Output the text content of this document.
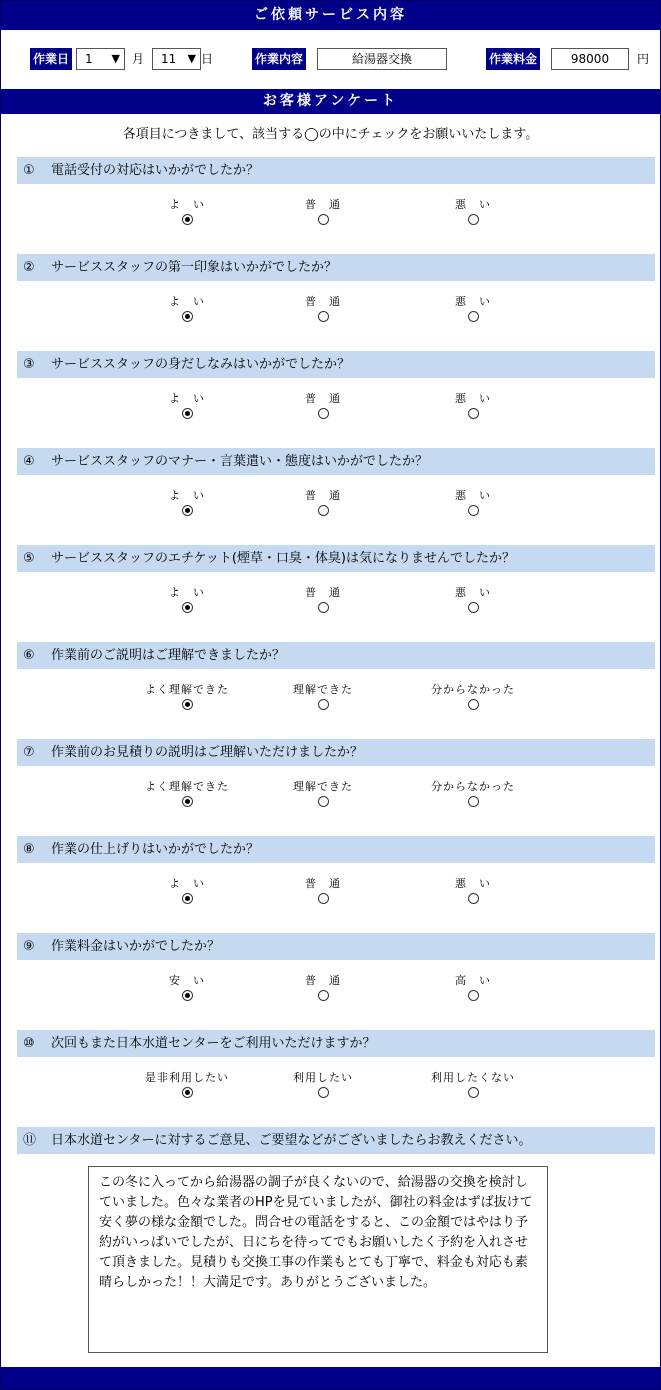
ご依頼サービス内容
作業日	1 ▼ 月	11 ▼ 日	作業内容	給湯器交換	作業料金	98000	円
お客様アンケート
各項目につきまして、該当する◯の中にチェックをお願いいたします。
① 電話受付の対応はいかがでしたか？
よ　い	普　通	悪　い
② サービススタッフの第一印象はいかがでしたか？
よ　い	普　通	悪　い
③ サービススタッフの身だしなみはいかがでしたか？
よ　い	普　通	悪　い
④ サービススタッフのマナー・言葉遣い・態度はいかがでしたか？
よ　い	普　通	悪　い
⑤ サービススタッフのエチケット(煙草・口臭・体臭)は気になりませんでしたか？
よ　い	普　通	悪　い
⑥ 作業前のご説明はご理解できましたか？
よく理解できた	理解できた	分からなかった
⑦ 作業前のお見積りの説明はご理解いただけましたか？
よく理解できた	理解できた	分からなかった
⑧ 作業の仕上げりはいかがでしたか？
よ　い	普　通	悪　い
⑨ 作業料金はいかがでしたか？
安　い	普　通	高　い
⑩ 次回もまた日本水道センターをご利用いただけますか？
是非利用したい	利用したい	利用したくない
⑪ 日本水道センターに対するご意見、ご要望などがございましたらお教えください。
この冬に入ってから給湯器の調子が良くないので、給湯器の交換を検討していました。色々な業者のHPを見ていましたが、御社の料金はずば抜けて安く夢の様な金額でした。問合せの電話をすると、この金額ではやはり予約がいっぱいでしたが、日にちを待ってでもお願いしたく予約を入れさせて頂きました。見積りも交換工事の作業もとても丁寧で、料金も対応も素晴らしかった！！大満足です。ありがとうございました。
